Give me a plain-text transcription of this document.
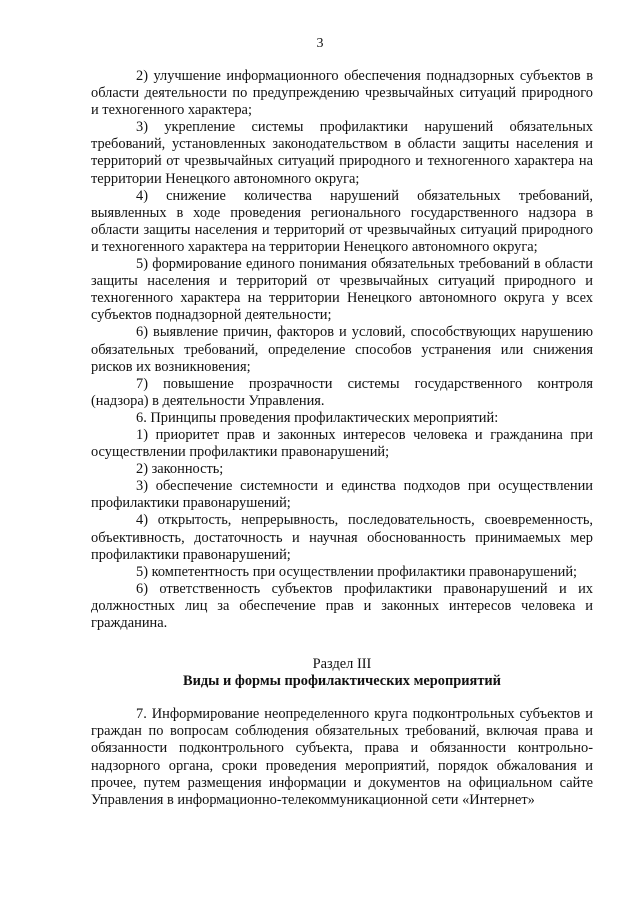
3

2) улучшение информационного обеспечения поднадзорных субъектов в области деятельности по предупреждению чрезвычайных ситуаций природного и техногенного характера;

3) укрепление системы профилактики нарушений обязательных требований, установленных законодательством в области защиты населения и территорий от чрезвычайных ситуаций природного и техногенного характера на территории Ненецкого автономного округа;

4) снижение количества нарушений обязательных требований, выявленных в ходе проведения регионального государственного надзора в области защиты населения и территорий от чрезвычайных ситуаций природного и техногенного характера на территории Ненецкого автономного округа;

5) формирование единого понимания обязательных требований в области защиты населения и территорий от чрезвычайных ситуаций природного и техногенного характера на территории Ненецкого автономного округа у всех субъектов поднадзорной деятельности;

6) выявление причин, факторов и условий, способствующих нарушению обязательных требований, определение способов устранения или снижения рисков их возникновения;

7) повышение прозрачности системы государственного контроля (надзора) в деятельности Управления.

6. Принципы проведения профилактических мероприятий:

1) приоритет прав и законных интересов человека и гражданина при осуществлении профилактики правонарушений;

2) законность;

3) обеспечение системности и единства подходов при осуществлении профилактики правонарушений;

4) открытость, непрерывность, последовательность, своевременность, объективность, достаточность и научная обоснованность принимаемых мер профилактики правонарушений;

5) компетентность при осуществлении профилактики правонарушений;

6) ответственность субъектов профилактики правонарушений и их должностных лиц за обеспечение прав и законных интересов человека и гражданина.

Раздел III

Виды и формы профилактических мероприятий

7. Информирование неопределенного круга подконтрольных субъектов и граждан по вопросам соблюдения обязательных требований, включая права и обязанности подконтрольного субъекта, права и обязанности контрольно-надзорного органа, сроки проведения мероприятий, порядок обжалования и прочее, путем размещения информации и документов на официальном сайте Управления в информационно-телекоммуникационной сети «Интернет»
